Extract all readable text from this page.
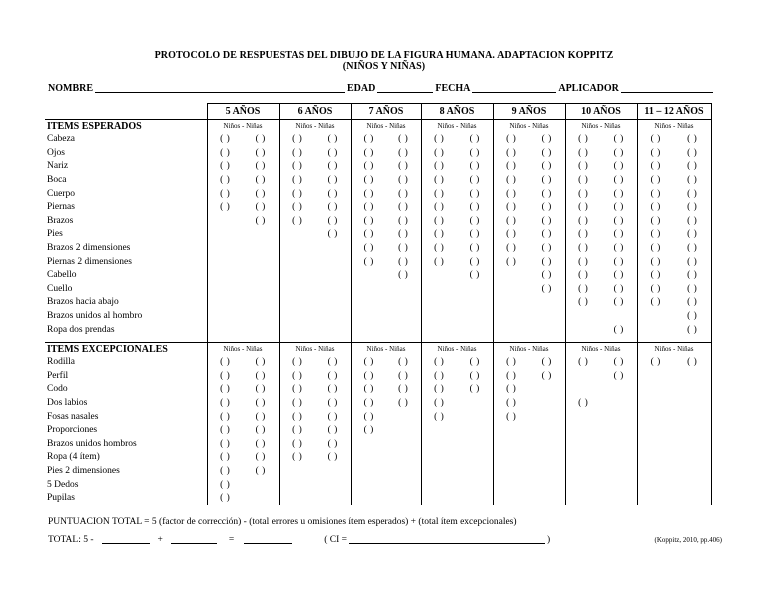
PROTOCOLO DE RESPUESTAS DEL DIBUJO DE LA FIGURA HUMANA. ADAPTACION KOPPITZ
(NIÑOS Y NIÑAS)
NOMBRE	EDAD	FECHA	APLICADOR
	5 AÑOS	6 AÑOS	7 AÑOS	8 AÑOS	9 AÑOS	10 AÑOS	11 – 12 AÑOS
ITEMS ESPERADOS	Niños - Niñas	Niños - Niñas	Niños - Niñas	Niños - Niñas	Niños - Niñas	Niños - Niñas	Niños - Niñas
Cabeza	( ) ( )	( ) ( )	( ) ( )	( ) ( )	( ) ( )	( ) ( )	( ) ( )

Ojos	( ) ( )	( ) ( )	( ) ( )	( ) ( )	( ) ( )	( ) ( )	( ) ( )

Nariz	( ) ( )	( ) ( )	( ) ( )	( ) ( )	( ) ( )	( ) ( )	( ) ( )

Boca	( ) ( )	( ) ( )	( ) ( )	( ) ( )	( ) ( )	( ) ( )	( ) ( )

Cuerpo	( ) ( )	( ) ( )	( ) ( )	( ) ( )	( ) ( )	( ) ( )	( ) ( )

Piernas	( ) ( )	( ) ( )	( ) ( )	( ) ( )	( ) ( )	( ) ( )	( ) ( )

Brazos	( )	( ) ( )	( ) ( )	( ) ( )	( ) ( )	( ) ( )	( ) ( )

Pies		( )	( ) ( )	( ) ( )	( ) ( )	( ) ( )	( ) ( )

Brazos 2 dimensiones			( ) ( )	( ) ( )	( ) ( )	( ) ( )	( ) ( )

Piernas 2 dimensiones			( ) ( )	( ) ( )	( ) ( )	( ) ( )	( ) ( )

Cabello			( )	( )	( )	( ) ( )	( ) ( )

Cuello					( )	( ) ( )	( ) ( )

Brazos hacia abajo						( ) ( )	( ) ( )

Brazos unidos al hombro							( )

Ropa dos prendas						( )	( )

ITEMS EXCEPCIONALES	Niños - Niñas	Niños - Niñas	Niños - Niñas	Niños - Niñas	Niños - Niñas	Niños - Niñas	Niños - Niñas
Rodilla	( ) ( )	( ) ( )	( ) ( )	( ) ( )	( ) ( )	( ) ( )	( ) ( )

Perfil	( ) ( )	( ) ( )	( ) ( )	( ) ( )	( ) ( )	( )	

Codo	( ) ( )	( ) ( )	( ) ( )	( ) ( )	( )		

Dos labios	( ) ( )	( ) ( )	( ) ( )	( )	( )	( )	

Fosas nasales	( ) ( )	( ) ( )	( )	( )	( )		

Proporciones	( ) ( )	( ) ( )	( )				

Brazos unidos hombros	( ) ( )	( ) ( )					

Ropa (4 ítem)	( ) ( )	( ) ( )					

Pies 2 dimensiones	( ) ( )						

5 Dedos	( )						

Pupilas	( )						

PUNTUACION TOTAL = 5 (factor de corrección) - (total errores u omisiones ítem esperados) + (total ítem excepcionales)
TOTAL: 5 -	+	=	( CI =	)	(Koppitz, 2010, pp.406)
